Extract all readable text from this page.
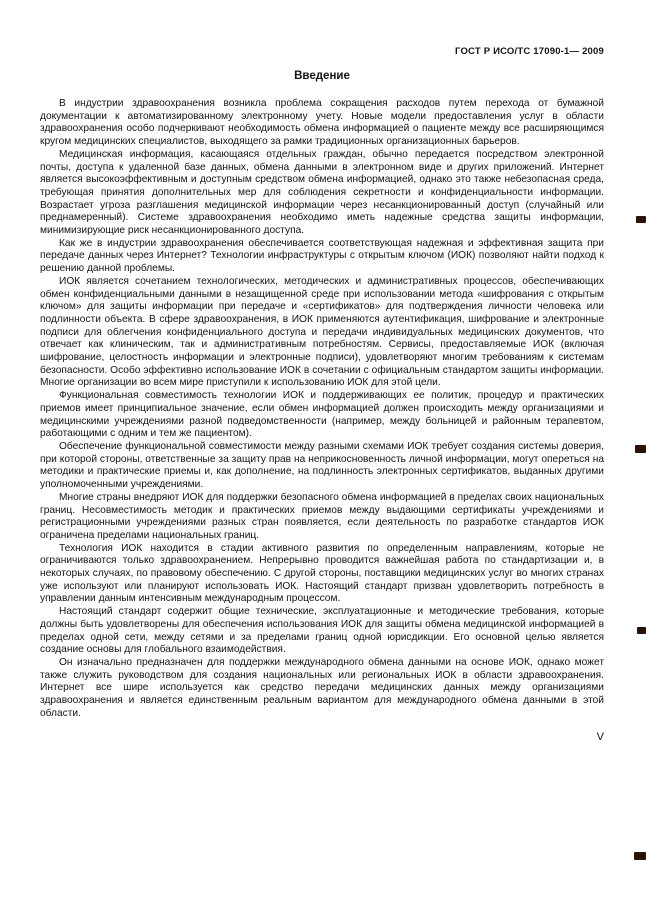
ГОСТ Р ИСО/ТС 17090-1— 2009
Введение

В индустрии здравоохранения возникла проблема сокращения расходов путем перехода от бумажной документации к автоматизированному электронному учету. Новые модели предоставления услуг в области здравоохранения особо подчеркивают необходимость обмена информацией о пациенте между все расширяющимся кругом медицинских специалистов, выходящего за рамки традиционных организационных барьеров.

Медицинская информация, касающаяся отдельных граждан, обычно передается посредством электронной почты, доступа к удаленной базе данных, обмена данными в электронном виде и других приложений. Интернет является высокоэффективным и доступным средством обмена информацией, однако это также небезопасная среда, требующая принятия дополнительных мер для соблюдения секретности и конфиденциальности информации. Возрастает угроза разглашения медицинской информации через несанкционированный доступ (случайный или преднамеренный). Системе здравоохранения необходимо иметь надежные средства защиты информации, минимизирующие риск несанкционированного доступа.

Как же в индустрии здравоохранения обеспечивается соответствующая надежная и эффективная защита при передаче данных через Интернет? Технологии инфраструктуры с открытым ключом (ИОК) позволяют найти подход к решению данной проблемы.

ИОК является сочетанием технологических, методических и административных процессов, обеспечивающих обмен конфиденциальными данными в незащищенной среде при использовании метода «шифрования с открытым ключом» для защиты информации при передаче и «сертификатов» для подтверждения личности человека или подлинности объекта. В сфере здравоохранения, в ИОК применяются аутентификация, шифрование и электронные подписи для облегчения конфиденциального доступа и передачи индивидуальных медицинских документов, что отвечает как клиническим, так и административным потребностям. Сервисы, предоставляемые ИОК (включая шифрование, целостность информации и электронные подписи), удовлетворяют многим требованиям к системам безопасности. Особо эффективно использование ИОК в сочетании с официальным стандартом защиты информации. Многие организации во всем мире приступили к использованию ИОК для этой цели.

Функциональная совместимость технологии ИОК и поддерживающих ее политик, процедур и практических приемов имеет принципиальное значение, если обмен информацией должен происходить между организациями и медицинскими учреждениями разной подведомственности (например, между больницей и районным терапевтом, работающими с одним и тем же пациентом).

Обеспечение функциональной совместимости между разными схемами ИОК требует создания системы доверия, при которой стороны, ответственные за защиту прав на неприкосновенность личной информации, могут опереться на методики и практические приемы и, как дополнение, на подлинность электронных сертификатов, выданных другими уполномоченными учреждениями.

Многие страны внедряют ИОК для поддержки безопасного обмена информацией в пределах своих национальных границ. Несовместимость методик и практических приемов между выдающими сертификаты учреждениями и регистрационными учреждениями разных стран появляется, если деятельность по разработке стандартов ИОК ограничена пределами национальных границ.

Технология ИОК находится в стадии активного развития по определенным направлениям, которые не ограничиваются только здравоохранением. Непрерывно проводится важнейшая работа по стандартизации и, в некоторых случаях, по правовому обеспечению. С другой стороны, поставщики медицинских услуг во многих странах уже используют или планируют использовать ИОК. Настоящий стандарт призван удовлетворить потребность в управлении данным интенсивным международным процессом.

Настоящий стандарт содержит общие технические, эксплуатационные и методические требования, которые должны быть удовлетворены для обеспечения использования ИОК для защиты обмена медицинской информацией в пределах одной сети, между сетями и за пределами границ одной юрисдикции. Его основной целью является создание основы для глобального взаимодействия.

Он изначально предназначен для поддержки международного обмена данными на основе ИОК, однако может также служить руководством для создания национальных или региональных ИОК в области здравоохранения. Интернет все шире используется как средство передачи медицинских данных между организациями здравоохранения и является единственным реальным вариантом для международного обмена данными в этой области.

V
